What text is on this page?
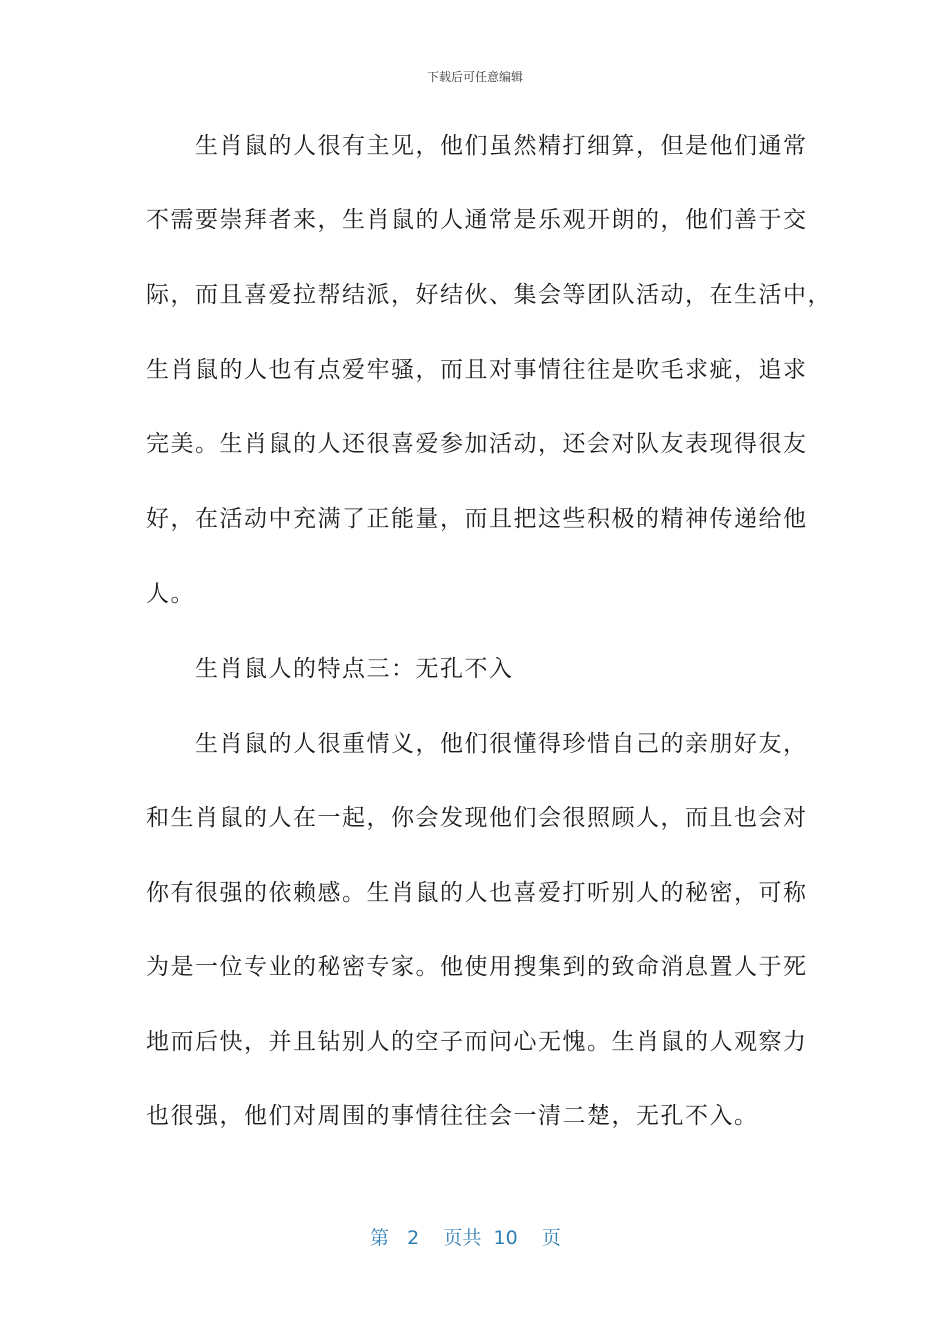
下载后可任意编辑
　　生肖鼠的人很有主见，他们虽然精打细算，但是他们通常
不需要崇拜者来，生肖鼠的人通常是乐观开朗的，他们善于交
际，而且喜爱拉帮结派，好结伙、集会等团队活动，在生活中，
生肖鼠的人也有点爱牢骚，而且对事情往往是吹毛求疵，追求
完美。生肖鼠的人还很喜爱参加活动，还会对队友表现得很友
好，在活动中充满了正能量，而且把这些积极的精神传递给他
人。
　　生肖鼠人的特点三：无孔不入
　　生肖鼠的人很重情义，他们很懂得珍惜自己的亲朋好友，
和生肖鼠的人在一起，你会发现他们会很照顾人，而且也会对
你有很强的依赖感。生肖鼠的人也喜爱打听别人的秘密，可称
为是一位专业的秘密专家。他使用搜集到的致命消息置人于死
地而后快，并且钻别人的空子而问心无愧。生肖鼠的人观察力
也很强，他们对周围的事情往往会一清二楚，无孔不入。
第 2 页共 10 页
